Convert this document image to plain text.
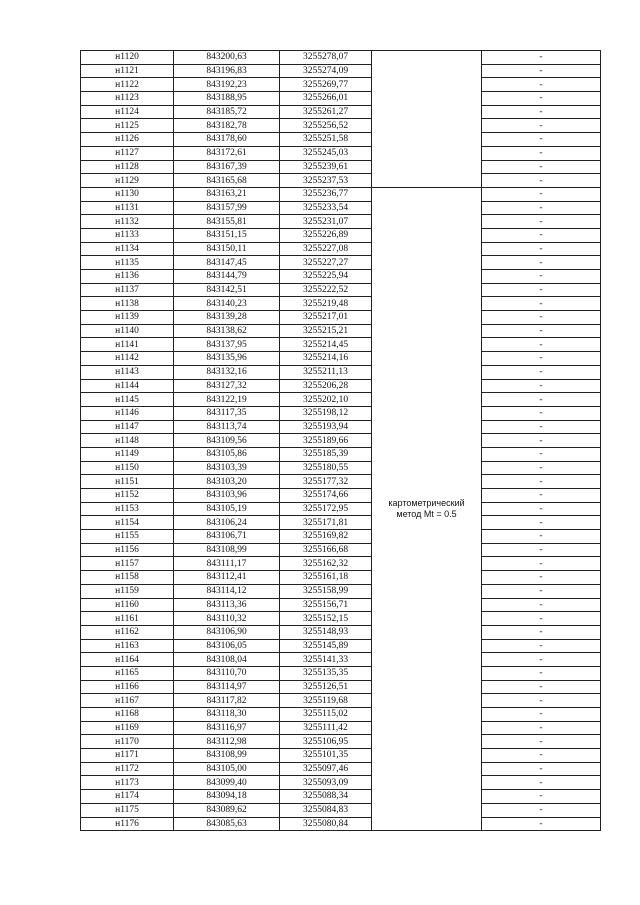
н1120	843200,63	3255278,07		-
н1121	843196,83	3255274,09		-
н1122	843192,23	3255269,77		-
н1123	843188,95	3255266,01		-
н1124	843185,72	3255261,27		-
н1125	843182,78	3255256,52		-
н1126	843178,60	3255251,58		-
н1127	843172,61	3255245,03		-
н1128	843167,39	3255239,61		-
н1129	843165,68	3255237,53		-
н1130	843163,21	3255236,77	картометрический
метод Mt = 0.5	-
н1131	843157,99	3255233,54		-
н1132	843155,81	3255231,07		-
н1133	843151,15	3255226,89		-
н1134	843150,11	3255227,08		-
н1135	843147,45	3255227,27		-
н1136	843144,79	3255225,94		-
н1137	843142,51	3255222,52		-
н1138	843140,23	3255219,48		-
н1139	843139,28	3255217,01		-
н1140	843138,62	3255215,21		-
н1141	843137,95	3255214,45		-
н1142	843135,96	3255214,16		-
н1143	843132,16	3255211,13		-
н1144	843127,32	3255206,28		-
н1145	843122,19	3255202,10		-
н1146	843117,35	3255198,12		-
н1147	843113,74	3255193,94		-
н1148	843109,56	3255189,66		-
н1149	843105,86	3255185,39		-
н1150	843103,39	3255180,55		-
н1151	843103,20	3255177,32		-
н1152	843103,96	3255174,66		-
н1153	843105,19	3255172,95		-
н1154	843106,24	3255171,81		-
н1155	843106,71	3255169,82		-
н1156	843108,99	3255166,68		-
н1157	843111,17	3255162,32		-
н1158	843112,41	3255161,18		-
н1159	843114,12	3255158,99		-
н1160	843113,36	3255156,71		-
н1161	843110,32	3255152,15		-
н1162	843106,90	3255148,93		-
н1163	843106,05	3255145,89		-
н1164	843108,04	3255141,33		-
н1165	843110,70	3255135,35		-
н1166	843114,97	3255126,51		-
н1167	843117,82	3255119,68		-
н1168	843118,30	3255115,02		-
н1169	843116,97	3255111,42		-
н1170	843112,98	3255106,95		-
н1171	843108,99	3255101,35		-
н1172	843105,00	3255097,46		-
н1173	843099,40	3255093,09		-
н1174	843094,18	3255088,34		-
н1175	843089,62	3255084,83		-
н1176	843085,63	3255080,84		-
